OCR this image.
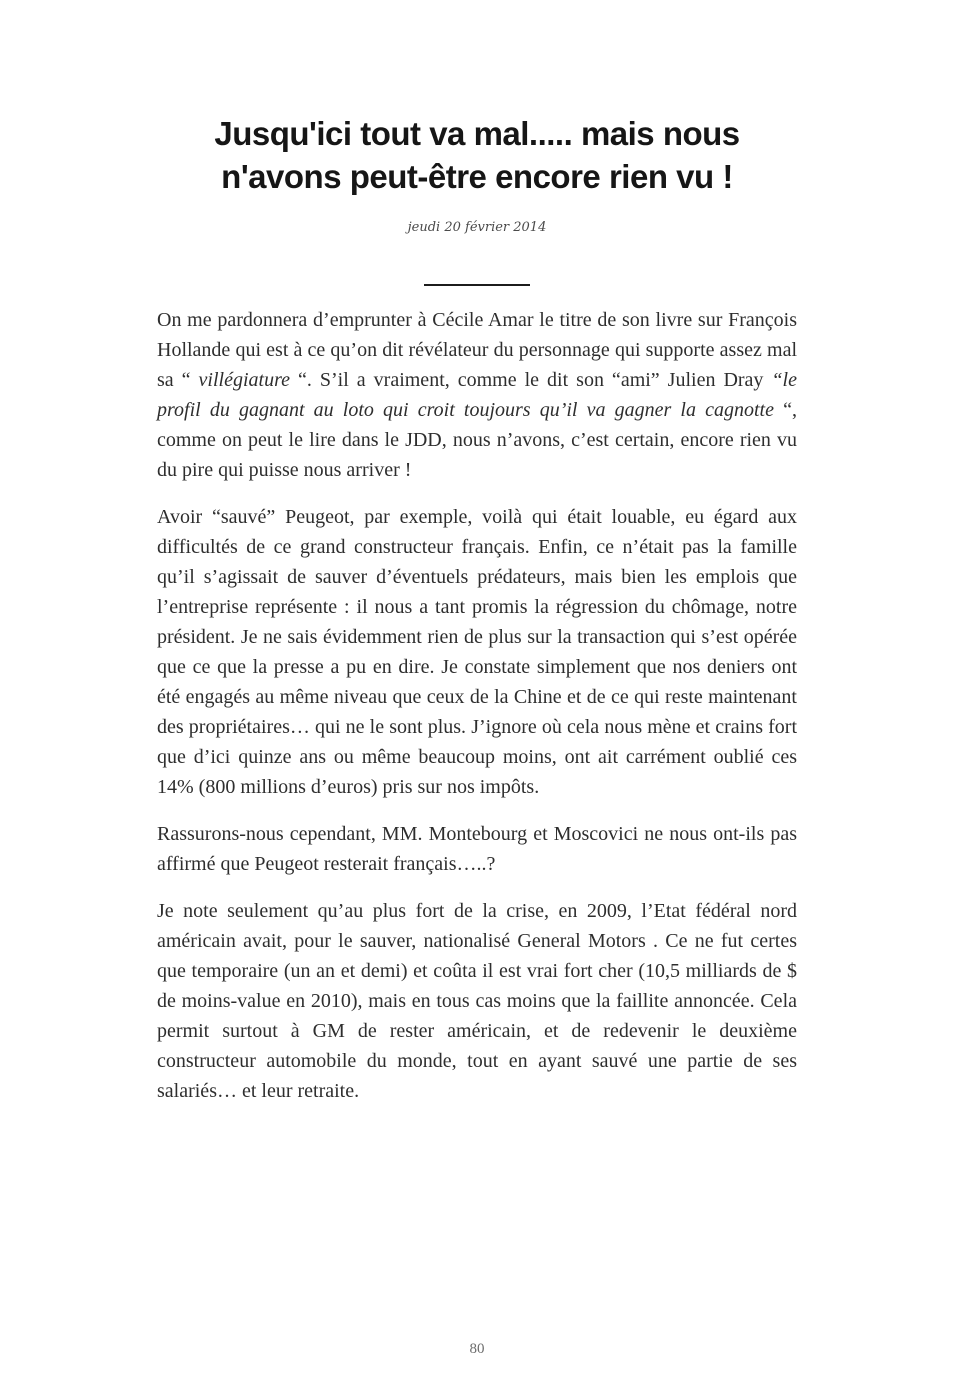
Jusqu'ici tout va mal..... mais nous
n'avons peut-être encore rien vu !
jeudi 20 février 2014

On me pardonnera d’emprunter à Cécile Amar le titre de son livre sur François Hollande qui est à ce qu’on dit révélateur du personnage qui supporte assez mal sa “ villégiature “. S’il a vraiment, comme le dit son “ami” Julien Dray “le profil du gagnant au loto qui croit toujours qu’il va gagner la cagnotte “, comme on peut le lire dans le JDD, nous n’avons, c’est certain, encore rien vu du pire qui puisse nous arriver !

Avoir “sauvé” Peugeot, par exemple, voilà qui était louable, eu égard aux difficultés de ce grand constructeur français. Enfin, ce n’était pas la famille qu’il s’agissait de sauver d’éventuels prédateurs, mais bien les emplois que l’entreprise représente : il nous a tant promis la régression du chômage, notre président. Je ne sais évidemment rien de plus sur la transaction qui s’est opérée que ce que la presse a pu en dire. Je constate simplement que nos deniers ont été engagés au même niveau que ceux de la Chine et de ce qui reste maintenant des propriétaires… qui ne le sont plus. J’ignore où cela nous mène et crains fort que d’ici quinze ans ou même beaucoup moins, ont ait carrément oublié ces 14% (800 millions d’euros) pris sur nos impôts.

Rassurons-nous cependant, MM. Montebourg et Moscovici ne nous ont-ils pas affirmé que Peugeot resterait français…..?

Je note seulement qu’au plus fort de la crise, en 2009, l’Etat fédéral nord américain avait, pour le sauver, nationalisé General Motors . Ce ne fut certes que temporaire (un an et demi) et coûta il est vrai fort cher (10,5 milliards de $ de moins-value en 2010), mais en tous cas moins que la faillite annoncée. Cela permit surtout à GM de rester américain, et de redevenir le deuxième constructeur automobile du monde, tout en ayant sauvé une partie de ses salariés… et leur retraite.

80
